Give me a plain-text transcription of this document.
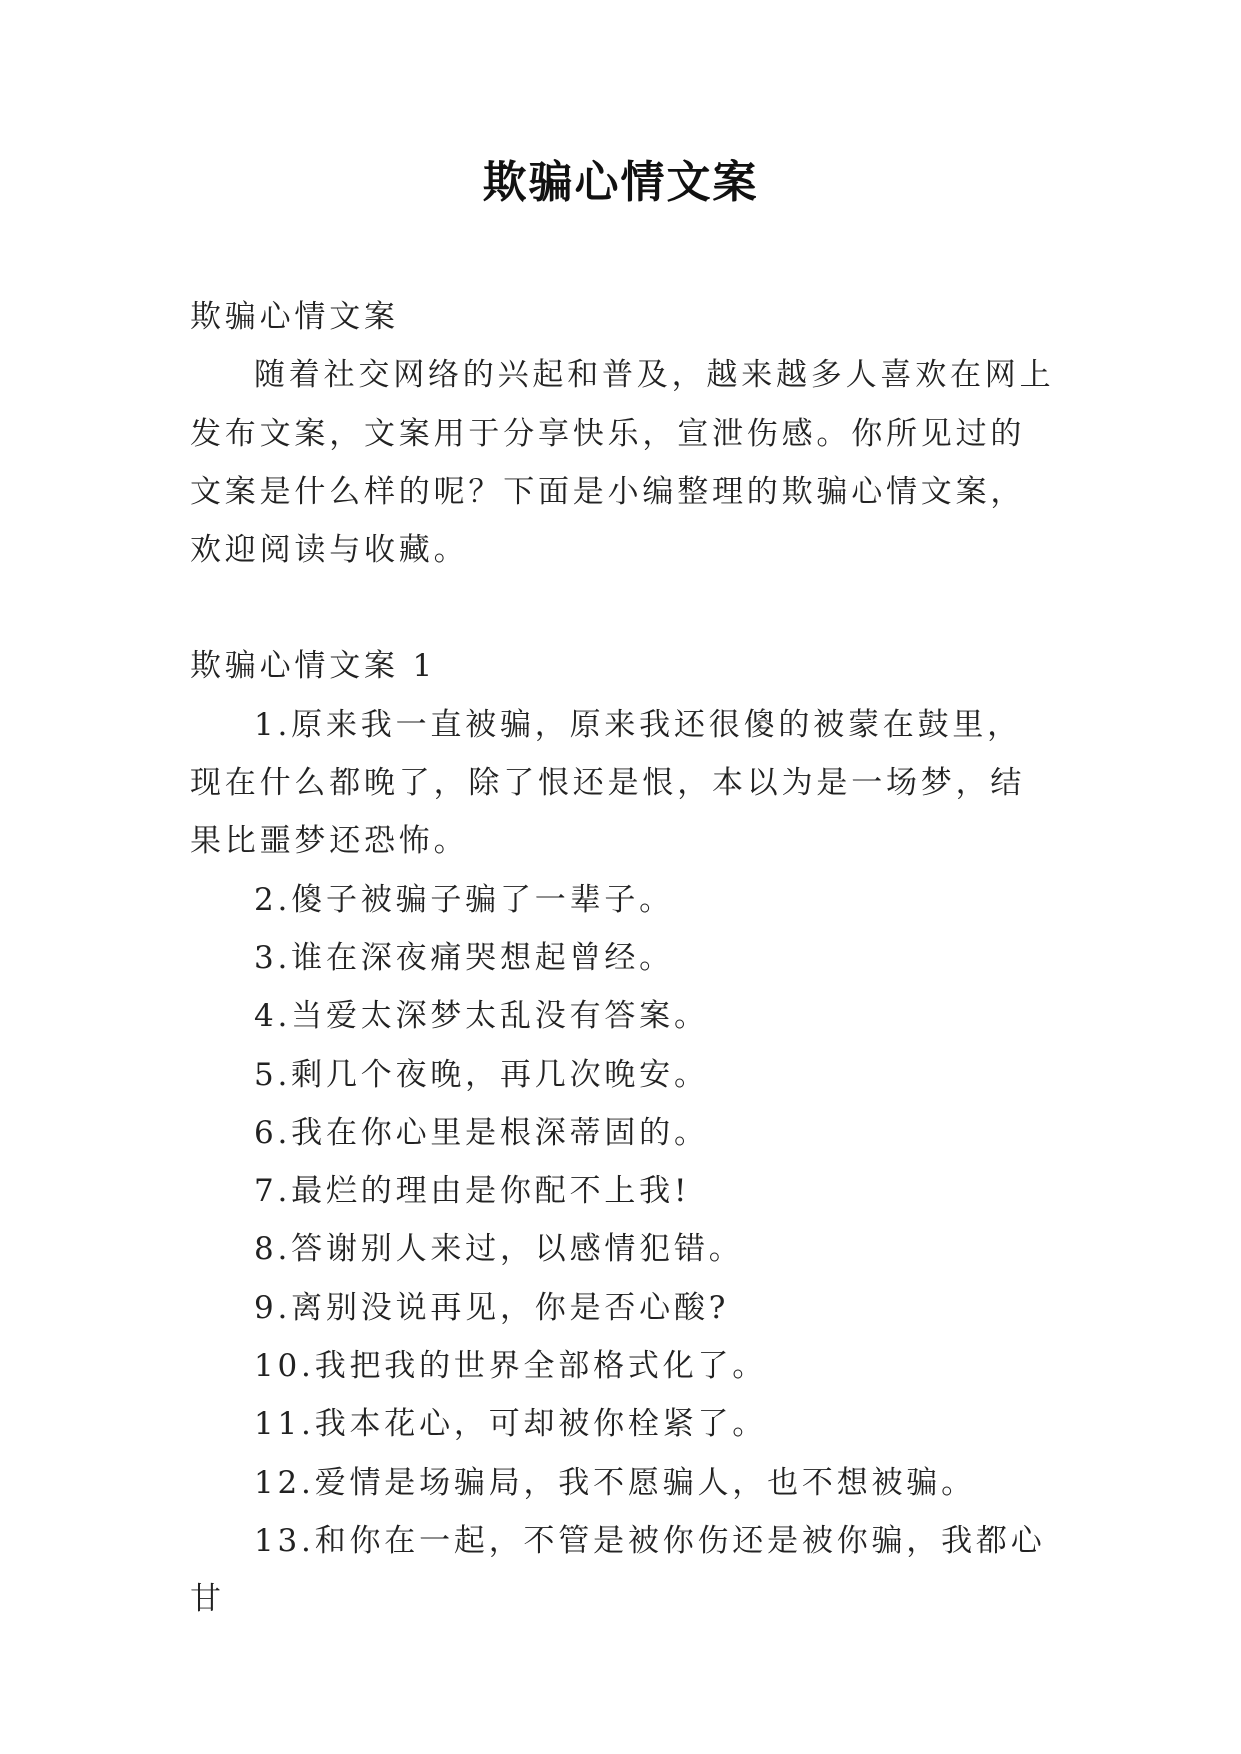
欺骗心情文案

欺骗心情文案

随着社交网络的兴起和普及，越来越多人喜欢在网上发布文案，文案用于分享快乐，宣泄伤感。你所见过的文案是什么样的呢？下面是小编整理的欺骗心情文案，欢迎阅读与收藏。

欺骗心情文案 1

1.原来我一直被骗，原来我还很傻的被蒙在鼓里，现在什么都晚了，除了恨还是恨，本以为是一场梦，结果比噩梦还恐怖。

2.傻子被骗子骗了一辈子。

3.谁在深夜痛哭想起曾经。

4.当爱太深梦太乱没有答案。

5.剩几个夜晚，再几次晚安。

6.我在你心里是根深蒂固的。

7.最烂的理由是你配不上我!

8.答谢别人来过，以感情犯错。

9.离别没说再见，你是否心酸?

10.我把我的世界全部格式化了。

11.我本花心，可却被你栓紧了。

12.爱情是场骗局，我不愿骗人，也不想被骗。

13.和你在一起，不管是被你伤还是被你骗，我都心甘
